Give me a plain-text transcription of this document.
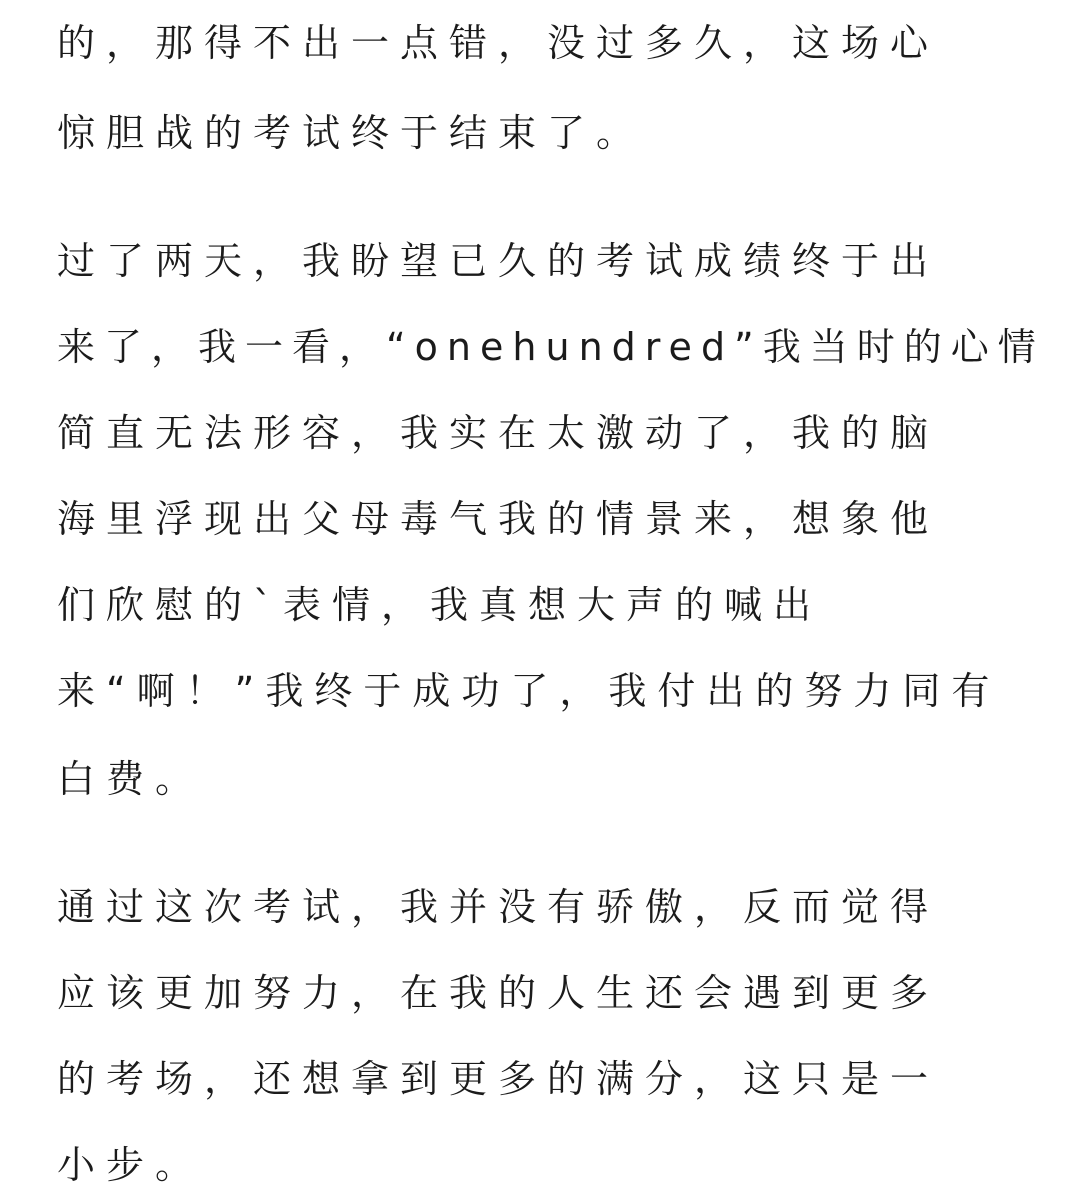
的，那得不出一点错，没过多久，这场心
惊胆战的考试终于结束了。
过了两天，我盼望已久的考试成绩终于出
来了，我一看，“onehundred”我当时的心情
简直无法形容，我实在太激动了，我的脑
海里浮现出父母毒气我的情景来，想象他
们欣慰的`表情，我真想大声的喊出
来“啊！”我终于成功了，我付出的努力同有
白费。
通过这次考试，我并没有骄傲，反而觉得
应该更加努力，在我的人生还会遇到更多
的考场，还想拿到更多的满分，这只是一
小步。
